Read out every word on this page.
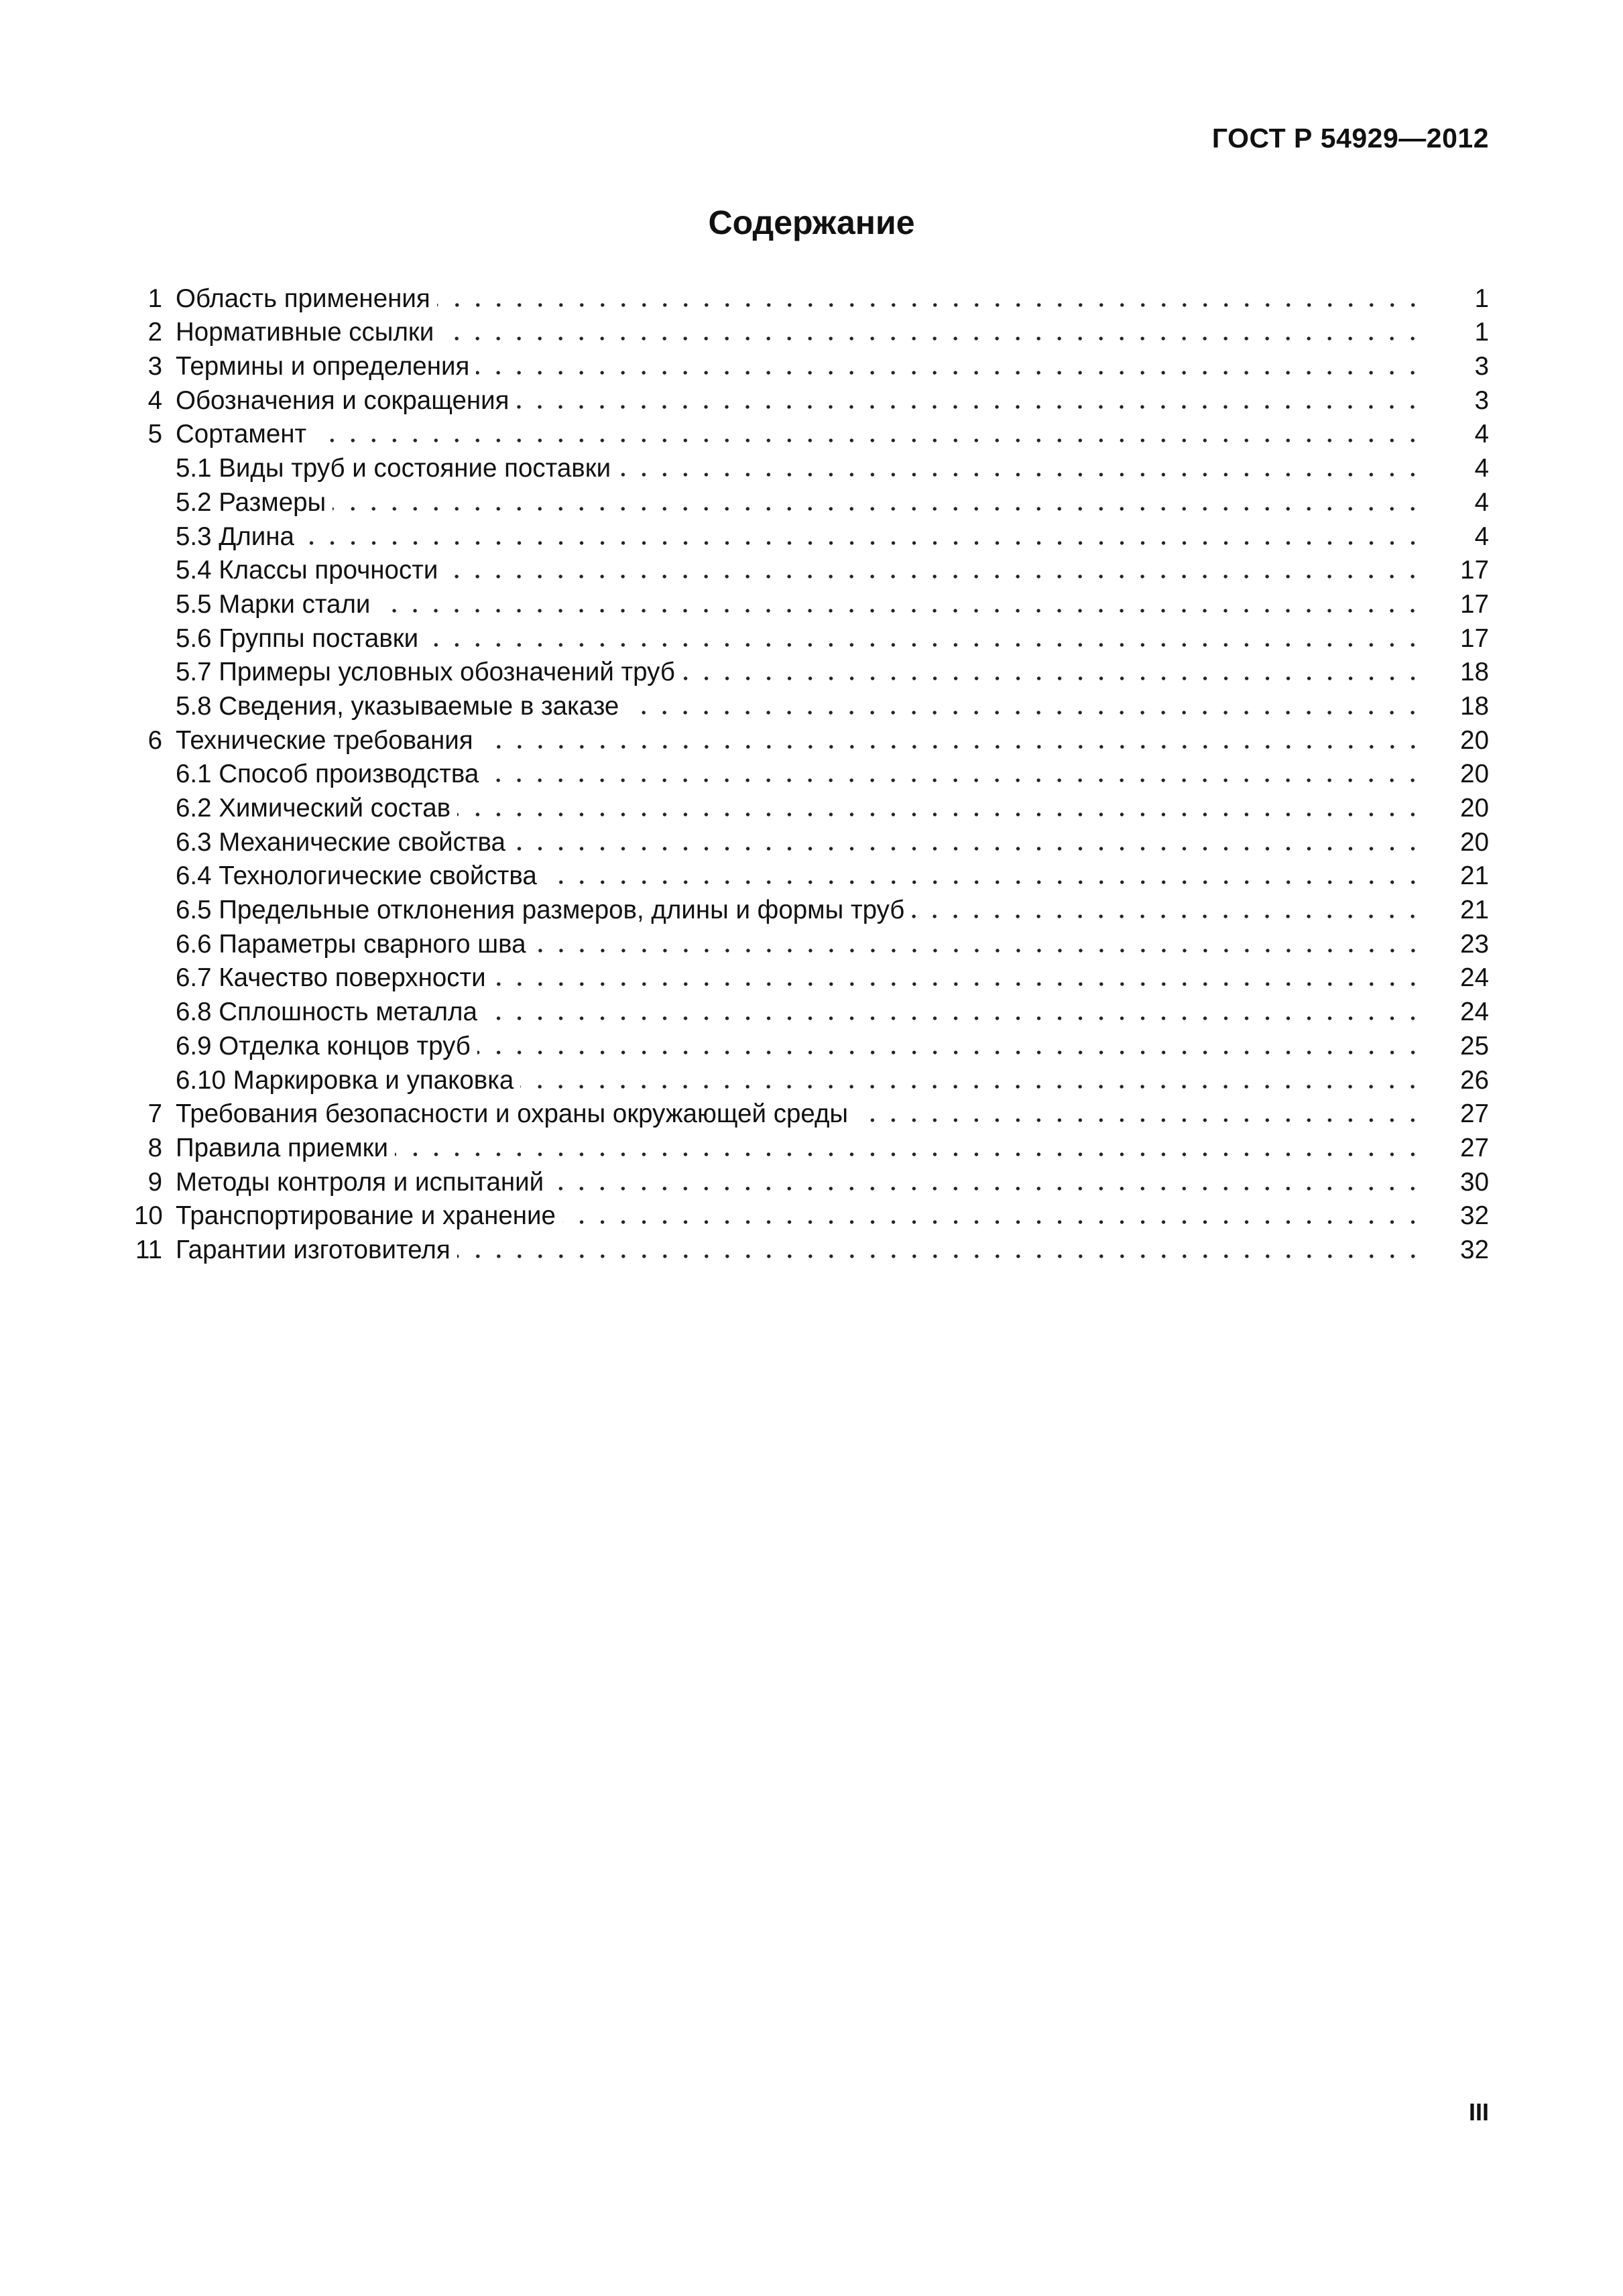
ГОСТ Р 54929—2012
Содержание
1 Область применения	1
2 Нормативные ссылки	1
3 Термины и определения	3
4 Обозначения и сокращения	3
5 Сортамент	4
5.1 Виды труб и состояние поставки	4
5.2 Размеры	4
5.3 Длина	4
5.4 Классы прочности	17
5.5 Марки стали	17
5.6 Группы поставки	17
5.7 Примеры условных обозначений труб	18
5.8 Сведения, указываемые в заказе	18
6 Технические требования	20
6.1 Способ производства	20
6.2 Химический состав	20
6.3 Механические свойства	20
6.4 Технологические свойства	21
6.5 Предельные отклонения размеров, длины и формы труб	21
6.6 Параметры сварного шва	23
6.7 Качество поверхности	24
6.8 Сплошность металла	24
6.9 Отделка концов труб	25
6.10 Маркировка и упаковка	26
7 Требования безопасности и охраны окружающей среды	27
8 Правила приемки	27
9 Методы контроля и испытаний	30
10 Транспортирование и хранение	32
11 Гарантии изготовителя	32
III
